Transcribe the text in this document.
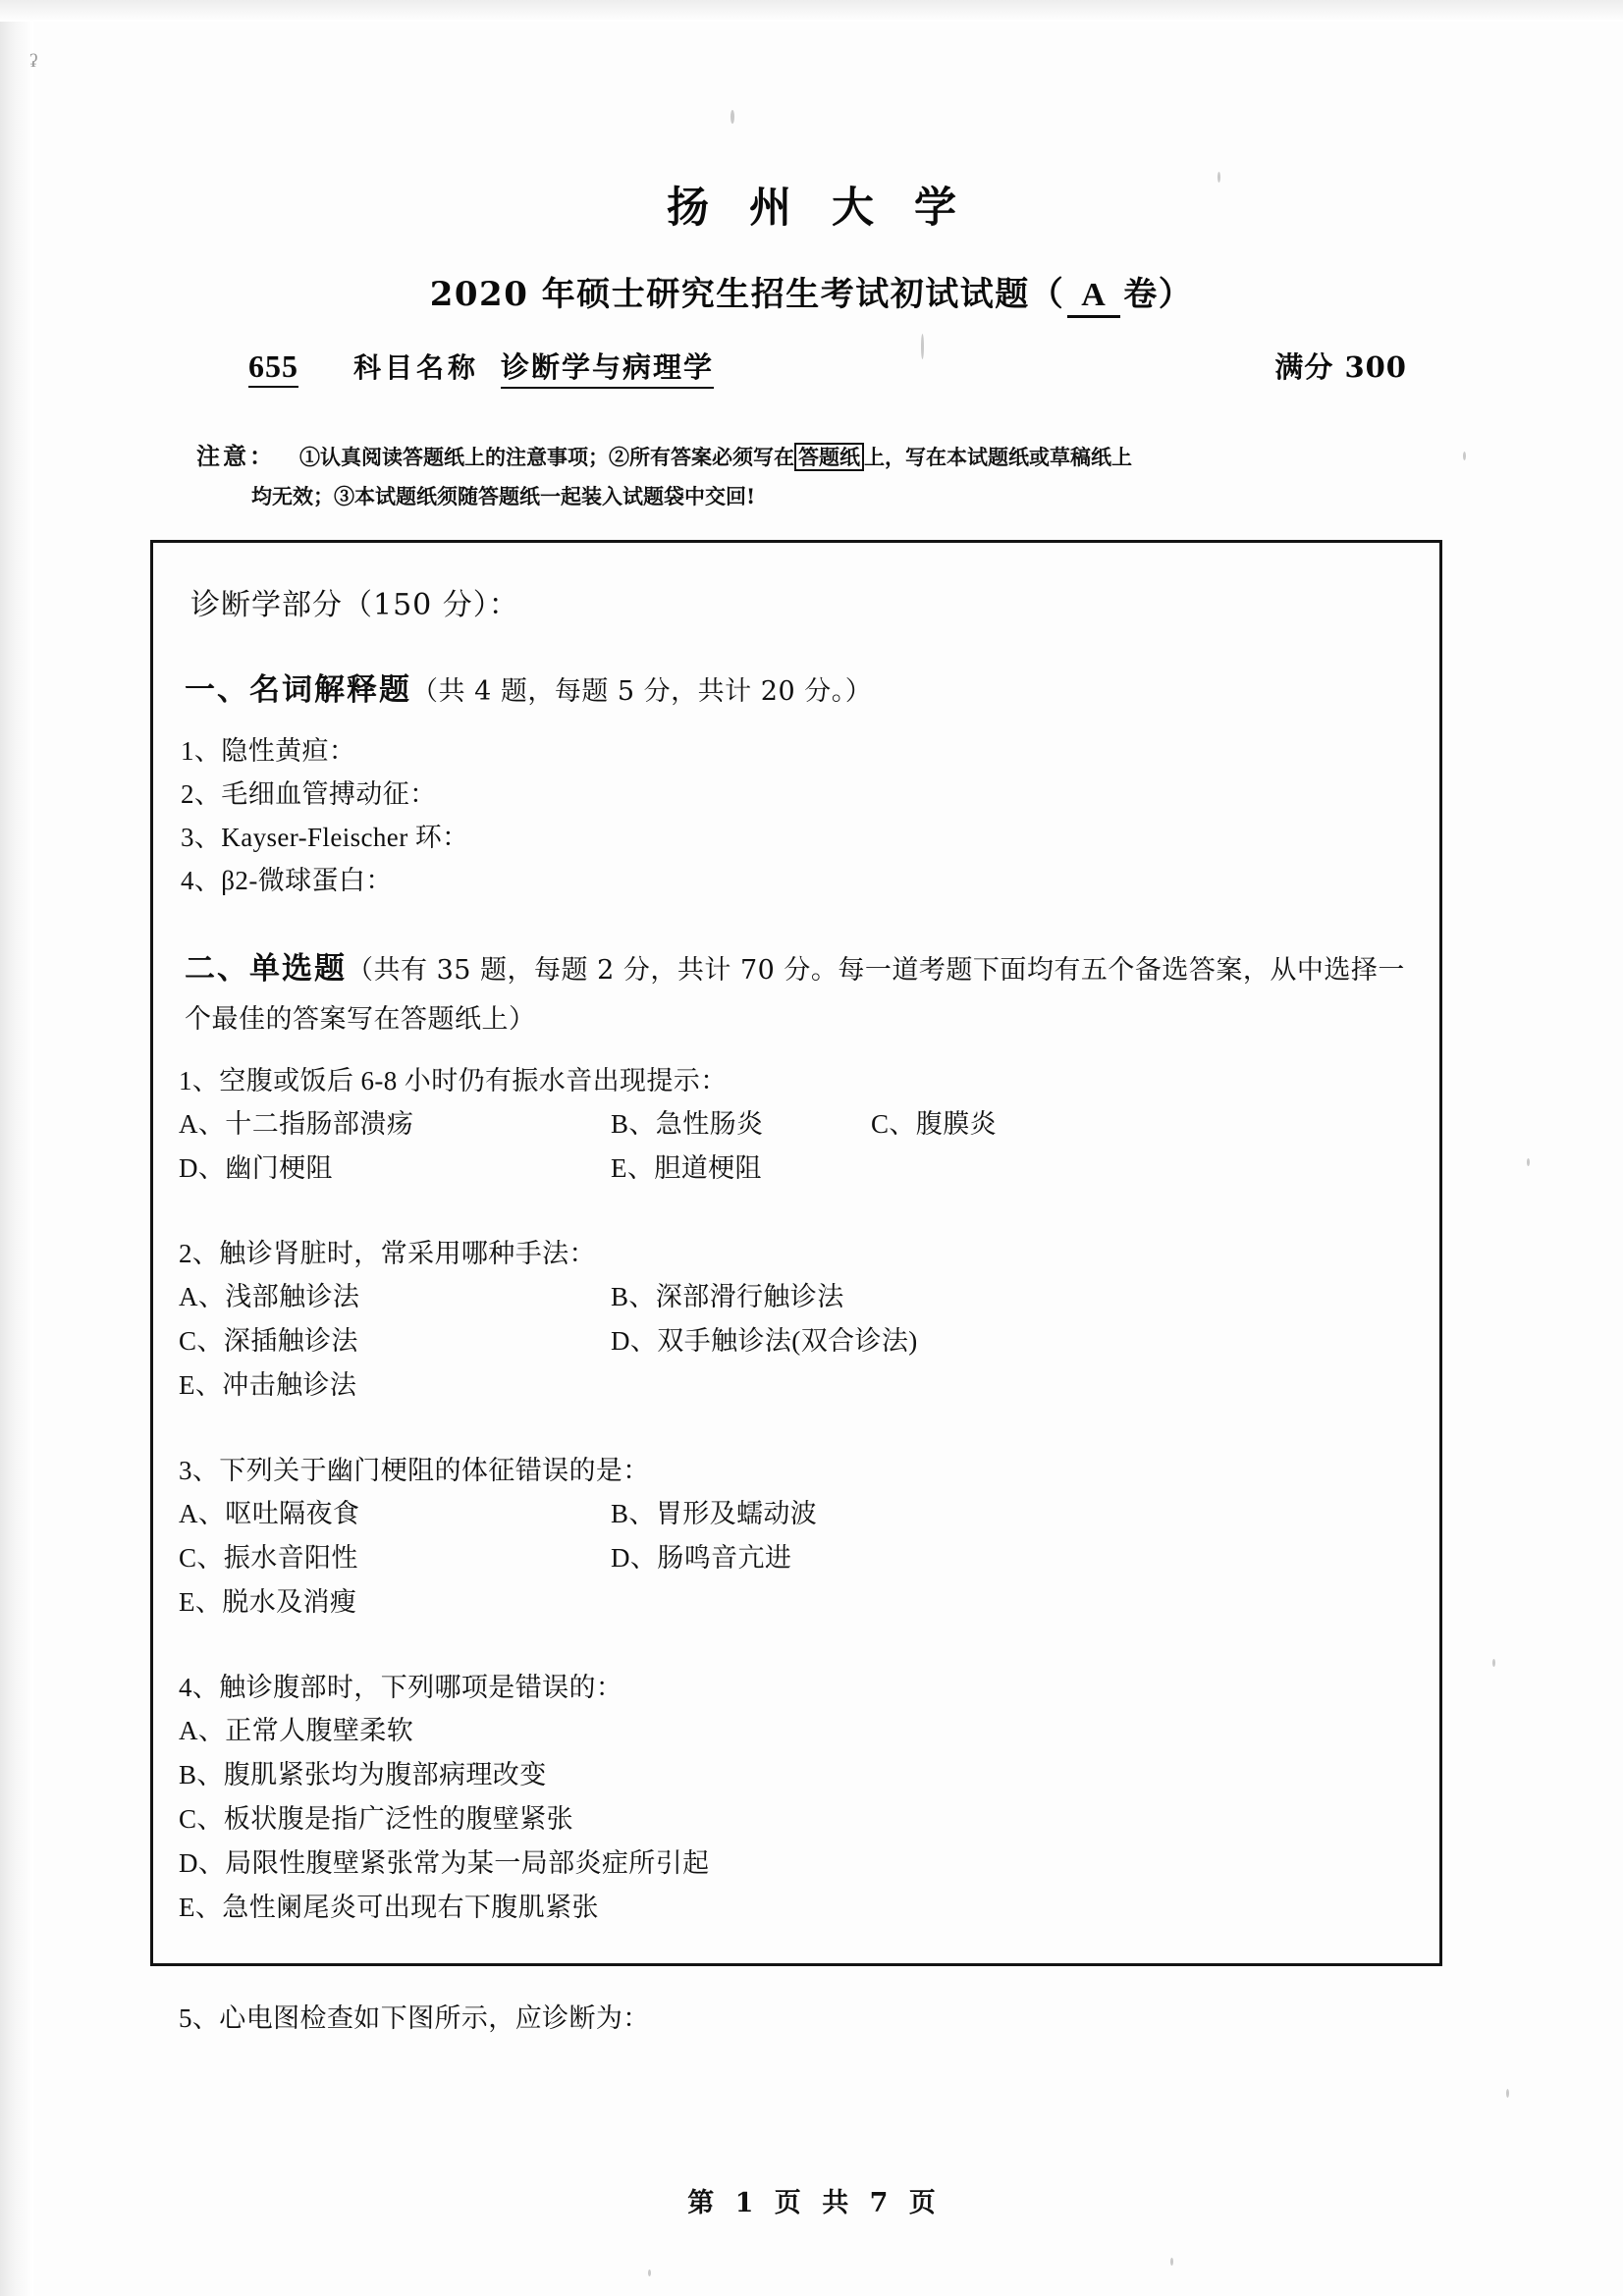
ʡ
扬 州 大 学
2020 年硕士研究生招生考试初试试题（ A 卷）
655 科目名称 诊断学与病理学	满分 300
注意： ①认真阅读答题纸上的注意事项；②所有答案必须写在 答题纸 上，写在本试题纸或草稿纸上
均无效；③本试题纸须随答题纸一起装入试题袋中交回!
诊断学部分（150 分）：
一、名词解释题（共 4 题，每题 5 分，共计 20 分。）
1、隐性黄疸：
2、毛细血管搏动征：
3、Kayser-Fleischer 环：
4、β2-微球蛋白：
二、单选题（共有 35 题，每题 2 分，共计 70 分。每一道考题下面均有五个备选答案，从中选择一个最佳的答案写在答题纸上）
1、空腹或饭后 6-8 小时仍有振水音出现提示：
A、十二指肠部溃疡	B、急性肠炎	C、腹膜炎
D、幽门梗阻	E、胆道梗阻
2、触诊肾脏时，常采用哪种手法：
A、浅部触诊法	B、深部滑行触诊法
C、深插触诊法	D、双手触诊法(双合诊法)
E、冲击触诊法
3、下列关于幽门梗阻的体征错误的是：
A、呕吐隔夜食	B、胃形及蠕动波
C、振水音阳性	D、肠鸣音亢进
E、脱水及消瘦
4、触诊腹部时，下列哪项是错误的：
A、正常人腹壁柔软
B、腹肌紧张均为腹部病理改变
C、板状腹是指广泛性的腹壁紧张
D、局限性腹壁紧张常为某一局部炎症所引起
E、急性阑尾炎可出现右下腹肌紧张
5、心电图检查如下图所示，应诊断为：
第 1 页 共 7 页
